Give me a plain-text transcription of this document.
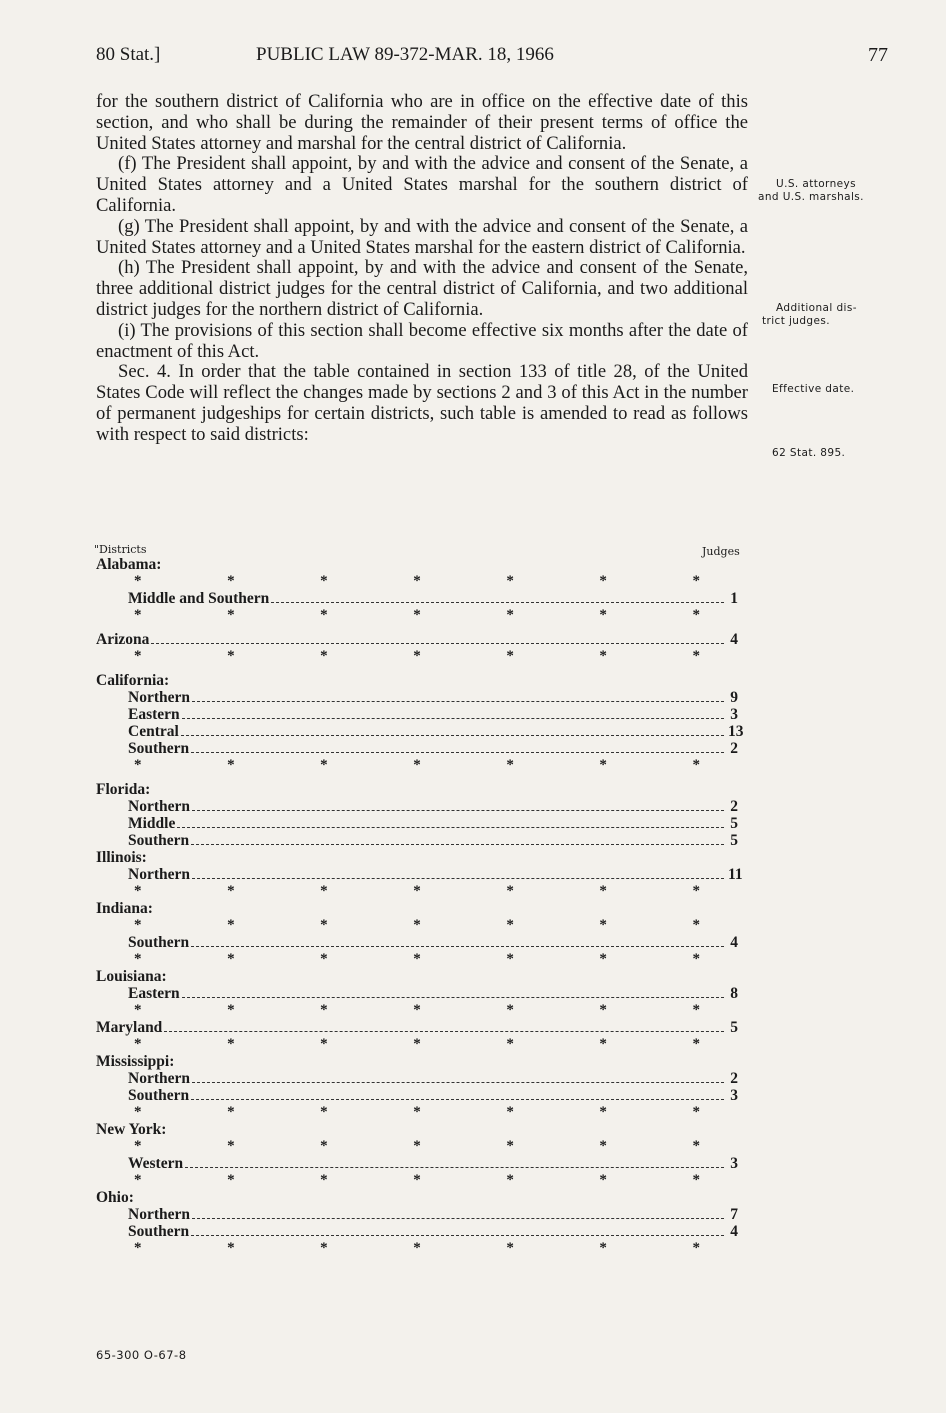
80 Stat.]	PUBLIC LAW 89-372-MAR. 18, 1966	77

for the southern district of California who are in office on the effective date of this section, and who shall be during the remainder of their present terms of office the United States attorney and marshal for the central district of California.

(f) The President shall appoint, by and with the advice and consent of the Senate, a United States attorney and a United States marshal for the southern district of California.

(g) The President shall appoint, by and with the advice and consent of the Senate, a United States attorney and a United States marshal for the eastern district of California.

(h) The President shall appoint, by and with the advice and consent of the Senate, three additional district judges for the central district of California, and two additional district judges for the northern district of California.

(i) The provisions of this section shall become effective six months after the date of enactment of this Act.

Sec. 4. In order that the table contained in section 133 of title 28, of the United States Code will reflect the changes made by sections 2 and 3 of this Act in the number of permanent judgeships for certain districts, such table is amended to read as follows with respect to said districts:

U.S. attorneys
and U.S. marshals.
Additional dis-
trict judges.
Effective date.
62 Stat. 895.
"Districts	Judges
Alabama:
*	*	*	*	*	*	*
Middle and Southern	1
*	*	*	*	*	*	*
Arizona	4
*	*	*	*	*	*	*
California:
Northern	9
Eastern	3
Central	13
Southern	2
*	*	*	*	*	*	*
Florida:
Northern	2
Middle	5
Southern	5
Illinois:
Northern	11
*	*	*	*	*	*	*
Indiana:
*	*	*	*	*	*	*
Southern	4
*	*	*	*	*	*	*
Louisiana:
Eastern	8
*	*	*	*	*	*	*
Maryland	5
*	*	*	*	*	*	*
Mississippi:
Northern	2
Southern	3
*	*	*	*	*	*	*
New York:
*	*	*	*	*	*	*
Western	3
*	*	*	*	*	*	*
Ohio:
Northern	7
Southern	4
*	*	*	*	*	*	*
65-300 O-67-8
